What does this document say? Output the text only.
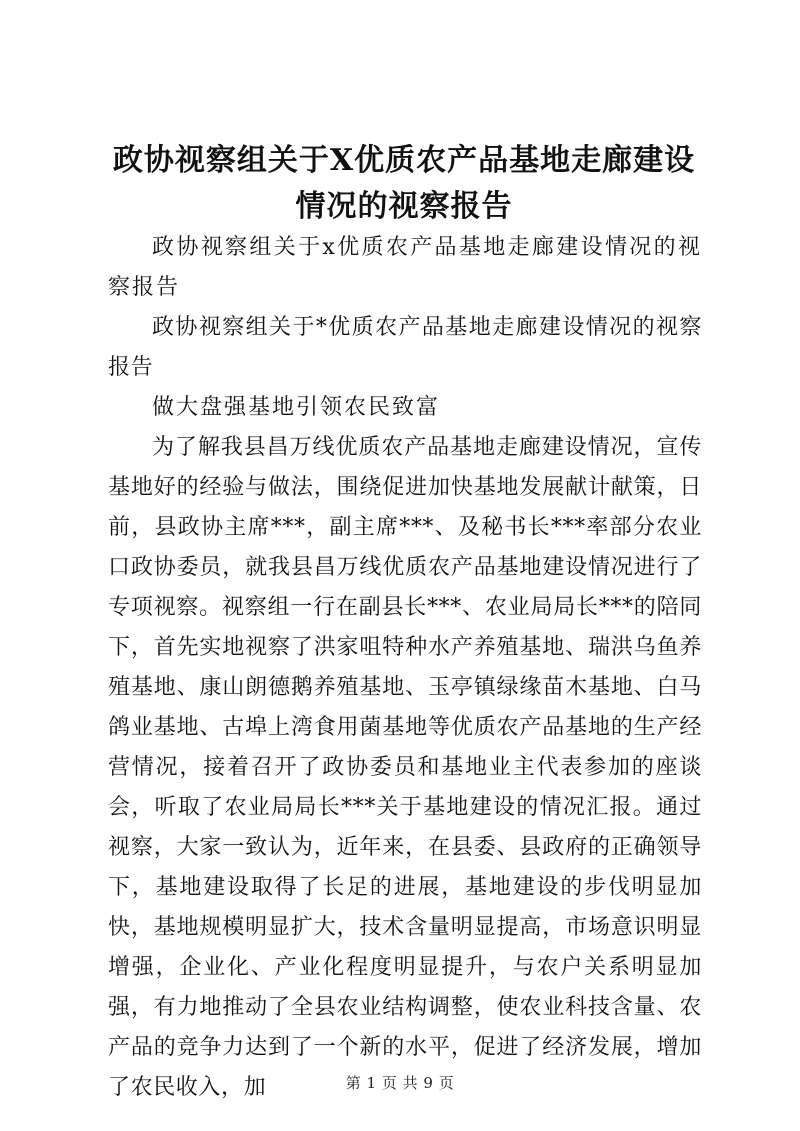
政协视察组关于X优质农产品基地走廊建设情况的视察报告

政协视察组关于x优质农产品基地走廊建设情况的视察报告

政协视察组关于*优质农产品基地走廊建设情况的视察报告

做大盘强基地引领农民致富

为了解我县昌万线优质农产品基地走廊建设情况，宣传基地好的经验与做法，围绕促进加快基地发展献计献策，日前，县政协主席***，副主席***、及秘书长***率部分农业口政协委员，就我县昌万线优质农产品基地建设情况进行了专项视察。视察组一行在副县长***、农业局局长***的陪同下，首先实地视察了洪家咀特种水产养殖基地、瑞洪乌鱼养殖基地、康山朗德鹅养殖基地、玉亭镇绿缘苗木基地、白马鸽业基地、古埠上湾食用菌基地等优质农产品基地的生产经营情况，接着召开了政协委员和基地业主代表参加的座谈会，听取了农业局局长***关于基地建设的情况汇报。通过视察，大家一致认为，近年来，在县委、县政府的正确领导下，基地建设取得了长足的进展，基地建设的步伐明显加快，基地规模明显扩大，技术含量明显提高，市场意识明显增强，企业化、产业化程度明显提升，与农户关系明显加强，有力地推动了全县农业结构调整，使农业科技含量、农产品的竞争力达到了一个新的水平，促进了经济发展，增加了农民收入，加	第 1 页 共 9 页
